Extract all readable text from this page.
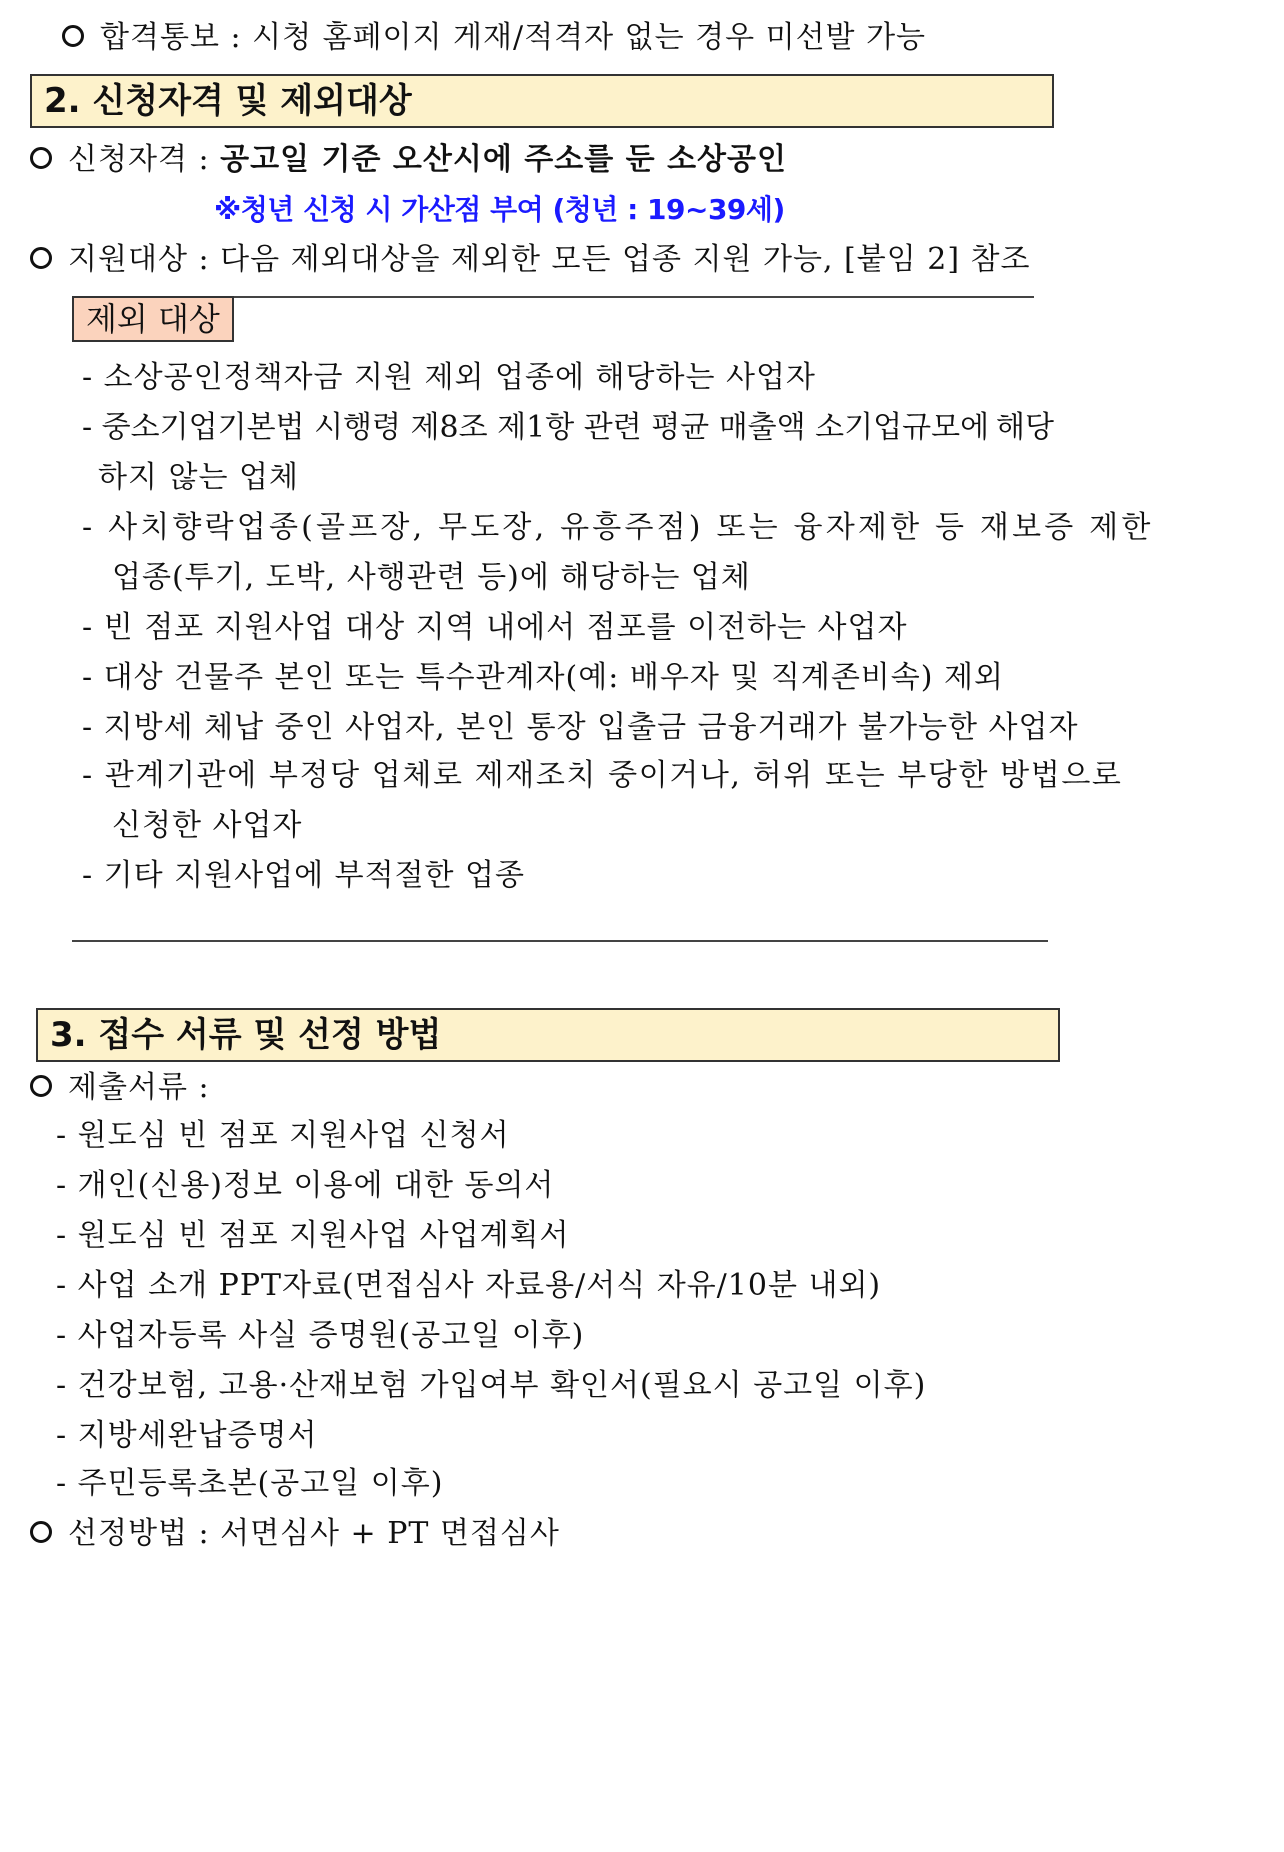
합격통보 : 시청 홈페이지 게재/적격자 없는 경우 미선발 가능
2. 신청자격 및 제외대상
신청자격 : 공고일 기준 오산시에 주소를 둔 소상공인
※청년 신청 시 가산점 부여 (청년 : 19~39세)
지원대상 : 다음 제외대상을 제외한 모든 업종 지원 가능, [붙임 2] 참조
제외 대상
- 소상공인정책자금 지원 제외 업종에 해당하는 사업자
- 중소기업기본법 시행령 제8조 제1항 관련 평균 매출액 소기업규모에 해당
하지 않는 업체
- 사치향락업종(골프장, 무도장, 유흥주점) 또는 융자제한 등 재보증 제한
업종(투기, 도박, 사행관련 등)에 해당하는 업체
- 빈 점포 지원사업 대상 지역 내에서 점포를 이전하는 사업자
- 대상 건물주 본인 또는 특수관계자(예: 배우자 및 직계존비속) 제외
- 지방세 체납 중인 사업자, 본인 통장 입출금 금융거래가 불가능한 사업자
- 관계기관에 부정당 업체로 제재조치 중이거나, 허위 또는 부당한 방법으로
신청한 사업자
- 기타 지원사업에 부적절한 업종
3. 접수 서류 및 선정 방법
제출서류 :
- 원도심 빈 점포 지원사업 신청서
- 개인(신용)정보 이용에 대한 동의서
- 원도심 빈 점포 지원사업 사업계획서
- 사업 소개 PPT자료(면접심사 자료용/서식 자유/10분 내외)
- 사업자등록 사실 증명원(공고일 이후)
- 건강보험, 고용·산재보험 가입여부 확인서(필요시 공고일 이후)
- 지방세완납증명서
- 주민등록초본(공고일 이후)
선정방법 : 서면심사 + PT 면접심사
